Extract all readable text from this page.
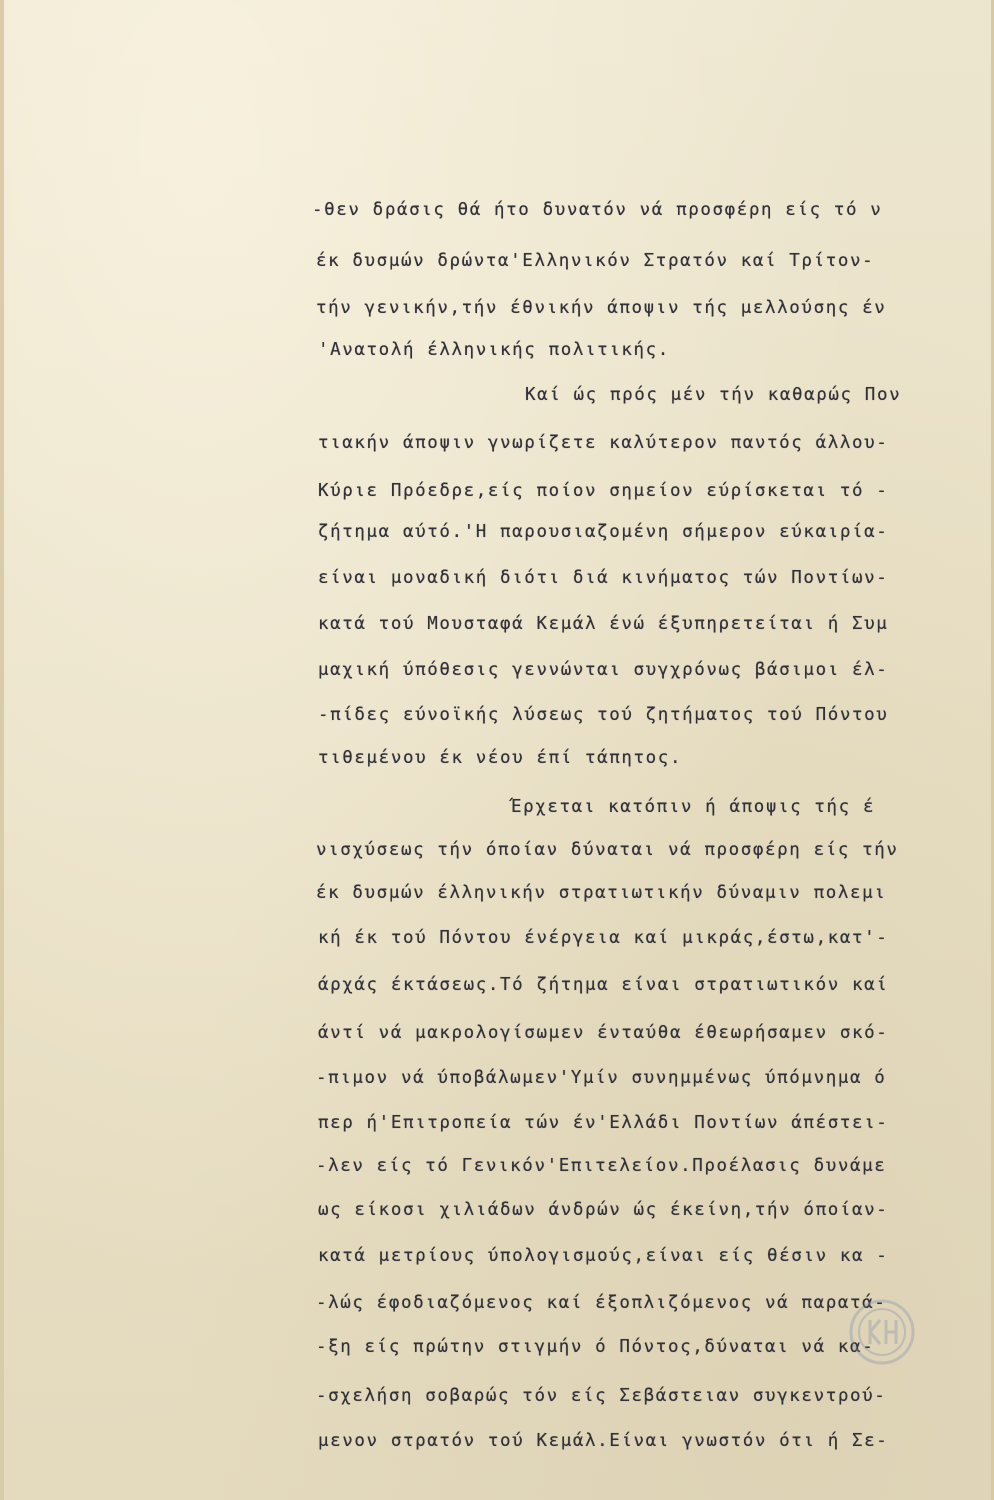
-θεν δράσις θά ήτο δυνατόν νά προσφέρη είς τό ν
έκ δυσμών δρώντα'Ελληνικόν Στρατόν καί Τρίτον-
τήν γενικήν,τήν έθνικήν άποψιν τής μελλούσης έν
'Ανατολή έλληνικής πολιτικής.
Καί ώς πρός μέν τήν καθαρώς Πον
τιακήν άποψιν γνωρίζετε καλύτερον παντός άλλου-
Κύριε Πρόεδρε,είς ποίον σημείον εύρίσκεται τό -
ζήτημα αύτό.'Η παρουσιαζομένη σήμερον εύκαιρία-
είναι μοναδική διότι διά κινήματος τών Ποντίων-
κατά τού Μουσταφά Κεμάλ ένώ έξυπηρετείται ή Συμ
μαχική ύπόθεσις γεννώνται συγχρόνως βάσιμοι έλ-
-πίδες εύνοϊκής λύσεως τού ζητήματος τού Πόντου
τιθεμένου έκ νέου έπί τάπητος.
Έρχεται κατόπιν ή άποψις τής έ
νισχύσεως τήν όποίαν δύναται νά προσφέρη είς τήν
έκ δυσμών έλληνικήν στρατιωτικήν δύναμιν πολεμι
κή έκ τού Πόντου ένέργεια καί μικράς,έστω,κατ'-
άρχάς έκτάσεως.Τό ζήτημα είναι στρατιωτικόν καί
άντί νά μακρολογίσωμεν ένταύθα έθεωρήσαμεν σκό-
-πιμον νά ύποβάλωμεν'Υμίν συνημμένως ύπόμνημα ό
περ ή'Επιτροπεία τών έν'Ελλάδι Ποντίων άπέστει-
-λεν είς τό Γενικόν'Επιτελείον.Προέλασις δυνάμε
ως είκοσι χιλιάδων άνδρών ώς έκείνη,τήν όποίαν-
κατά μετρίους ύπολογισμούς,είναι είς θέσιν κα -
-λώς έφοδιαζόμενος καί έξοπλιζόμενος νά παρατά-
-ξη είς πρώτην στιγμήν ό Πόντος,δύναται νά κα-
-σχελήση σοβαρώς τόν είς Σεβάστειαν συγκεντρού-
μενον στρατόν τού Κεμάλ.Είναι γνωστόν ότι ή Σε-
